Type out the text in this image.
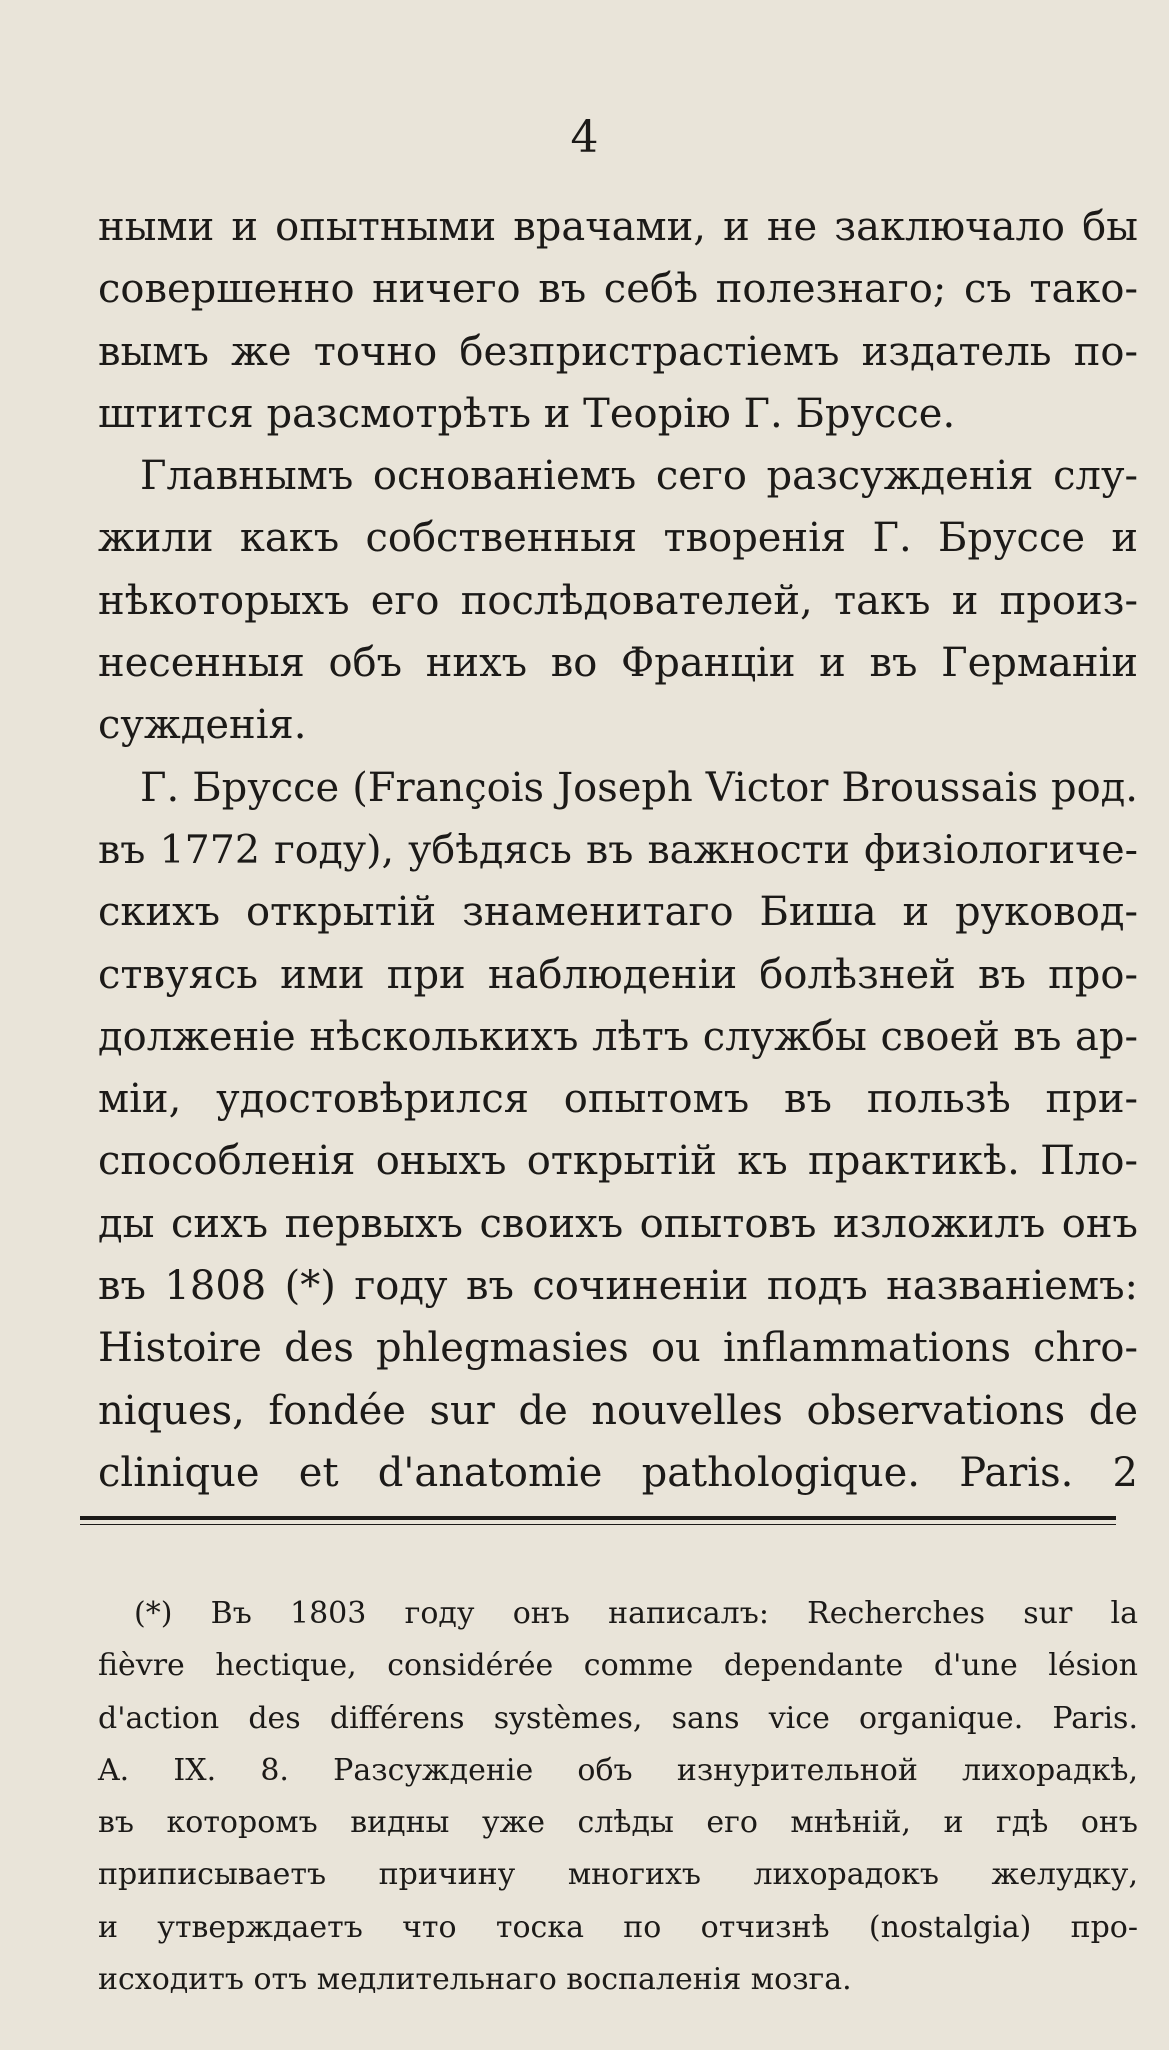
4
ными и опытными врачами, и не заключало бы
совершенно ничего въ себѣ полезнаго; съ тако-
вымъ же точно безпристрастіемъ издатель по-
штится разсмотрѣть и Теорію Г. Бруссе.
Главнымъ основаніемъ сего разсужденія слу-
жили какъ собственныя творенія Г. Бруссе и
нѣкоторыхъ его послѣдователей, такъ и произ-
несенныя объ нихъ во Франціи и въ Германіи
сужденія.
Г. Бруссе (François Joseph Victor Broussais род.
въ 1772 году), убѣдясь въ важности физіологиче-
скихъ открытій знаменитаго Биша и руковод-
ствуясь ими при наблюденіи болѣзней въ про-
долженіе нѣсколькихъ лѣтъ службы своей въ ар-
міи, удостовѣрился опытомъ въ пользѣ при-
способленія оныхъ открытій къ практикѣ. Пло-
ды сихъ первыхъ своихъ опытовъ изложилъ онъ
въ 1808 (*) году въ сочиненіи подъ названіемъ:
Histoire des phlegmasies ou inflammations chro-
niques, fondée sur de nouvelles observations de
clinique et d'anatomie pathologique. Paris. 2
(*) Въ 1803 году онъ написалъ: Recherches sur la
fièvre hectique, considérée comme dependante d'une lésion
d'action des différens systèmes, sans vice organique. Paris.
A. IX. 8. Разсужденіе объ изнурительной лихорадкѣ,
въ которомъ видны уже слѣды его мнѣній, и гдѣ онъ
приписываетъ причину многихъ лихорадокъ желудку,
и утверждаетъ что тоска по отчизнѣ (nostalgia) про-
исходитъ отъ медлительнаго воспаленія мозга.
